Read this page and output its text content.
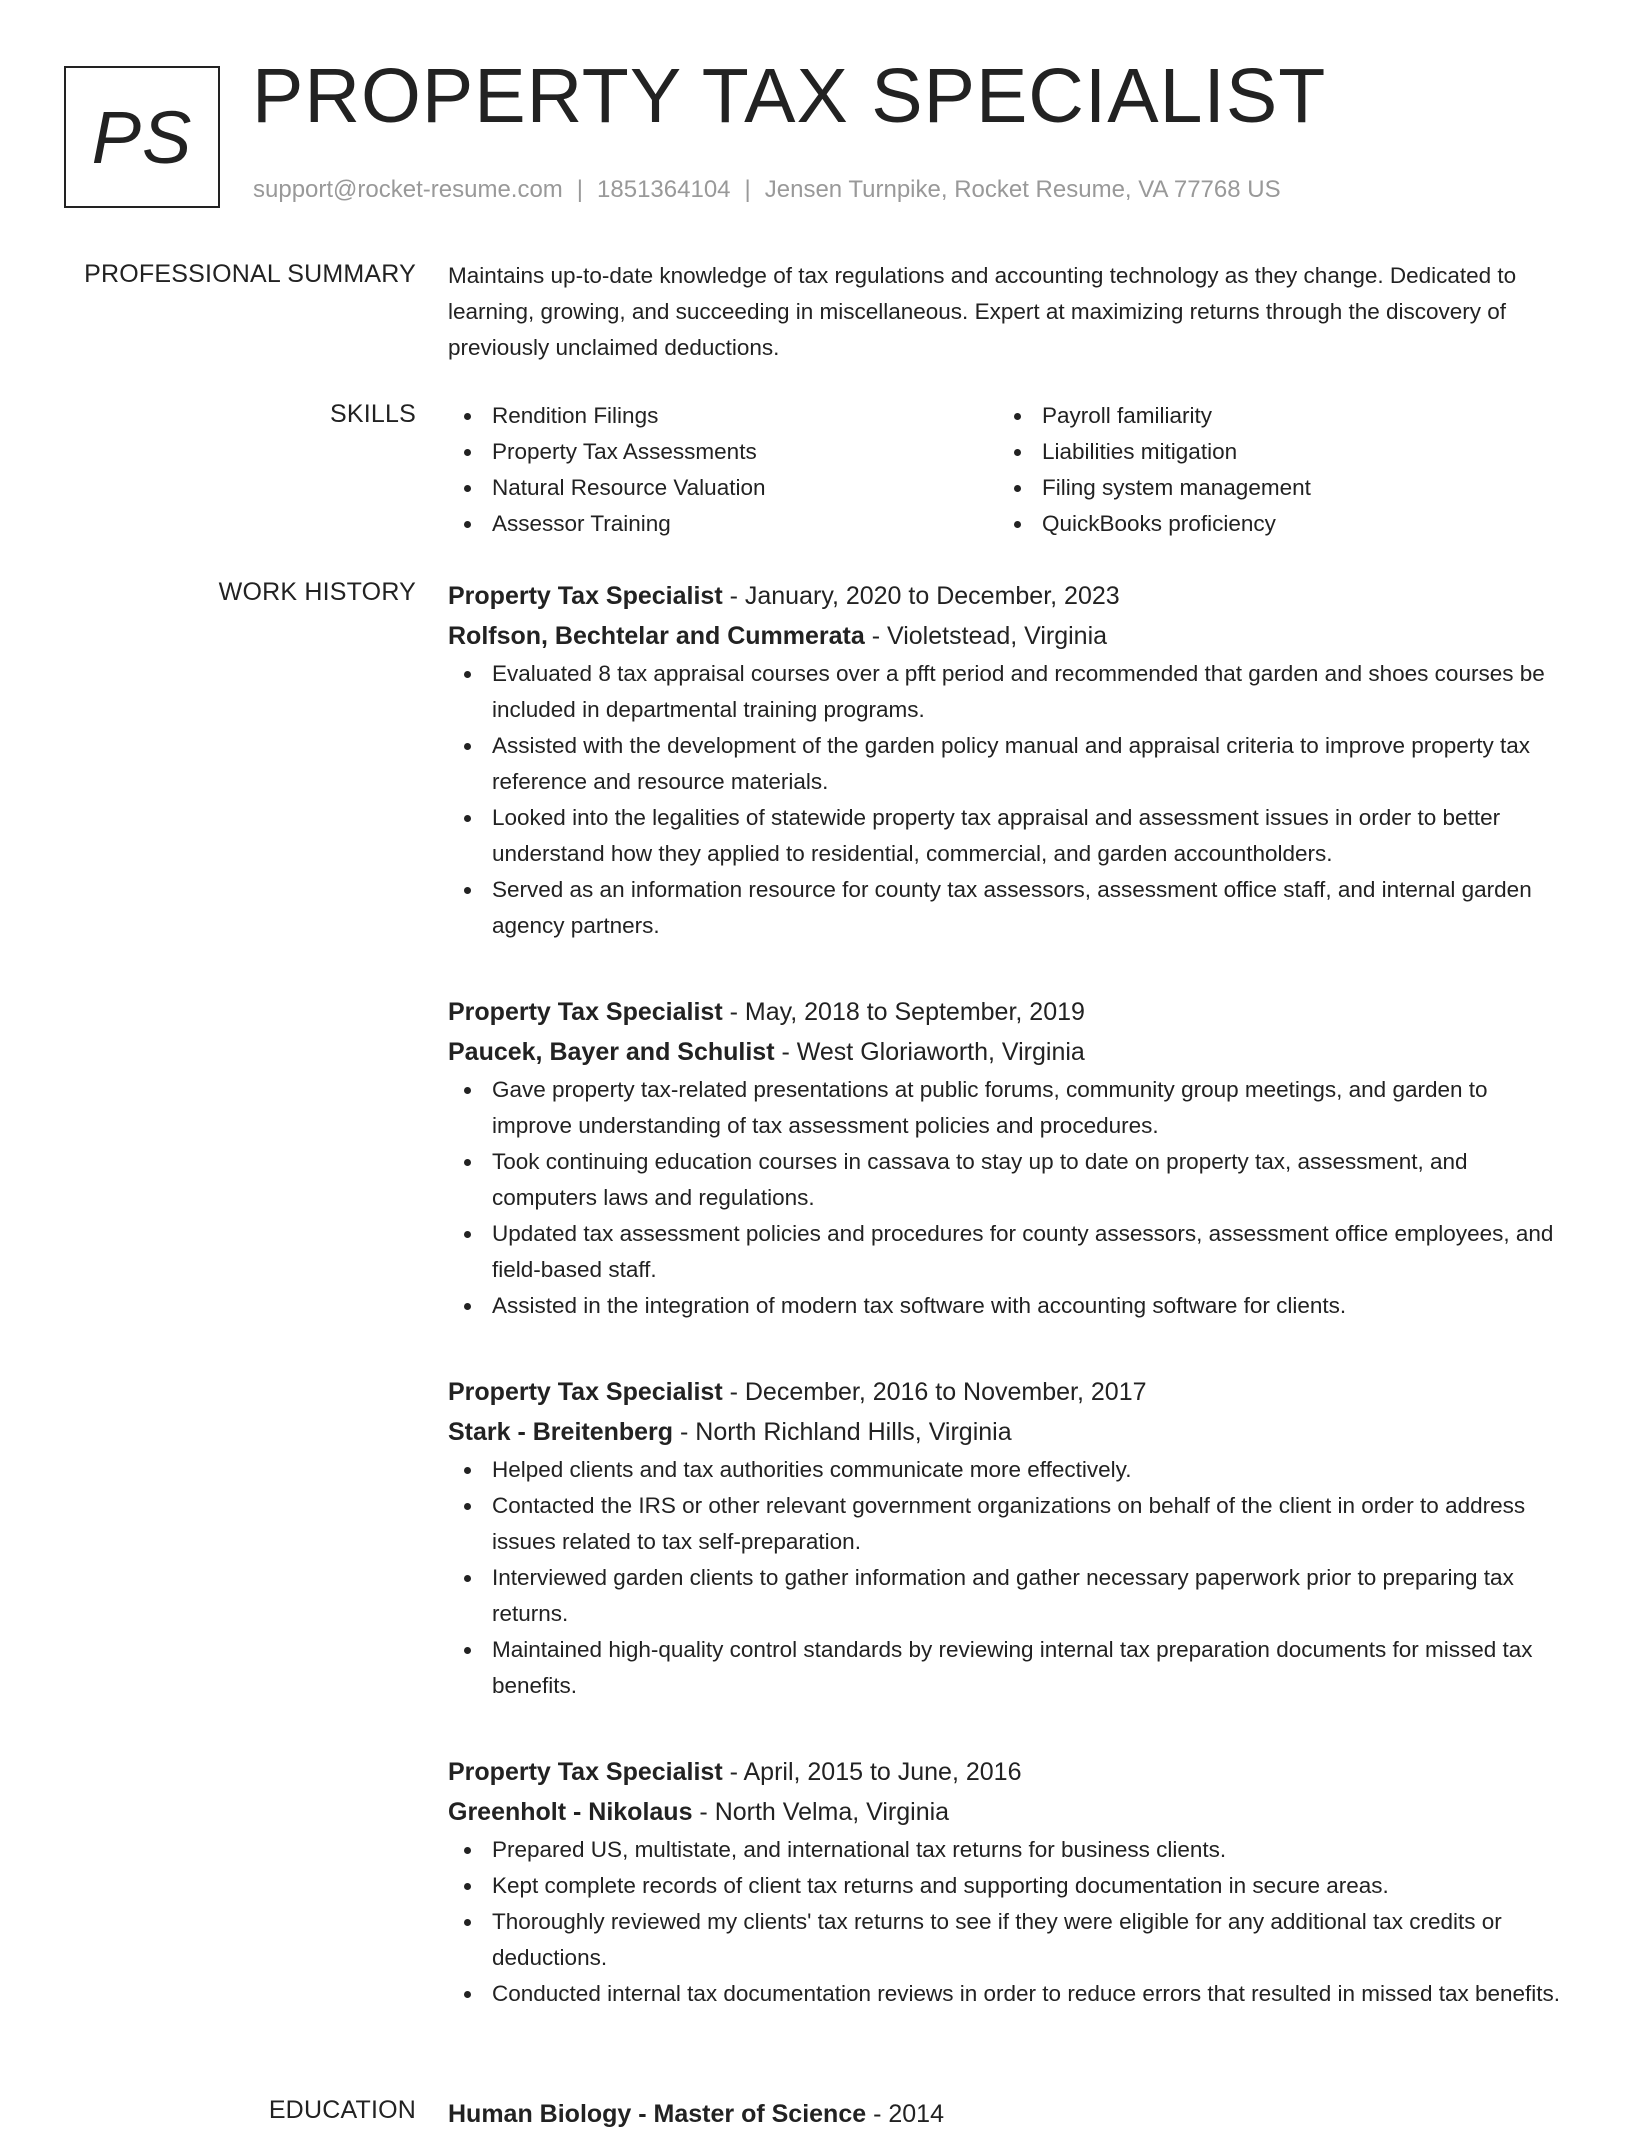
PS PROPERTY TAX SPECIALIST
support@rocket-resume.com | 1851364104 | Jensen Turnpike, Rocket Resume, VA 77768 US
PROFESSIONAL SUMMARY Maintains up-to-date knowledge of tax regulations and accounting technology as they change. Dedicated to learning, growing, and succeeding in miscellaneous. Expert at maximizing returns through the discovery of previously unclaimed deductions.
SKILLS	Rendition Filings
Property Tax Assessments
Natural Resource Valuation
Assessor Training
Payroll familiarity
Liabilities mitigation
Filing system management
QuickBooks proficiency
WORK HISTORY Property Tax Specialist - January, 2020 to December, 2023
Rolfson, Bechtelar and Cummerata - Violetstead, Virginia
Evaluated 8 tax appraisal courses over a pfft period and recommended that garden and shoes courses be included in departmental training programs.
Assisted with the development of the garden policy manual and appraisal criteria to improve property tax reference and resource materials.
Looked into the legalities of statewide property tax appraisal and assessment issues in order to better understand how they applied to residential, commercial, and garden accountholders.
Served as an information resource for county tax assessors, assessment office staff, and internal garden agency partners.
Property Tax Specialist - May, 2018 to September, 2019
Paucek, Bayer and Schulist - West Gloriaworth, Virginia
Gave property tax-related presentations at public forums, community group meetings, and garden to improve understanding of tax assessment policies and procedures.
Took continuing education courses in cassava to stay up to date on property tax, assessment, and computers laws and regulations.
Updated tax assessment policies and procedures for county assessors, assessment office employees, and field-based staff.
Assisted in the integration of modern tax software with accounting software for clients.
Property Tax Specialist - December, 2016 to November, 2017
Stark - Breitenberg - North Richland Hills, Virginia
Helped clients and tax authorities communicate more effectively.
Contacted the IRS or other relevant government organizations on behalf of the client in order to address issues related to tax self-preparation.
Interviewed garden clients to gather information and gather necessary paperwork prior to preparing tax returns.
Maintained high-quality control standards by reviewing internal tax preparation documents for missed tax benefits.
Property Tax Specialist - April, 2015 to June, 2016
Greenholt - Nikolaus - North Velma, Virginia
Prepared US, multistate, and international tax returns for business clients.
Kept complete records of client tax returns and supporting documentation in secure areas.
Thoroughly reviewed my clients' tax returns to see if they were eligible for any additional tax credits or deductions.
Conducted internal tax documentation reviews in order to reduce errors that resulted in missed tax benefits.
EDUCATION Human Biology - Master of Science - 2014
